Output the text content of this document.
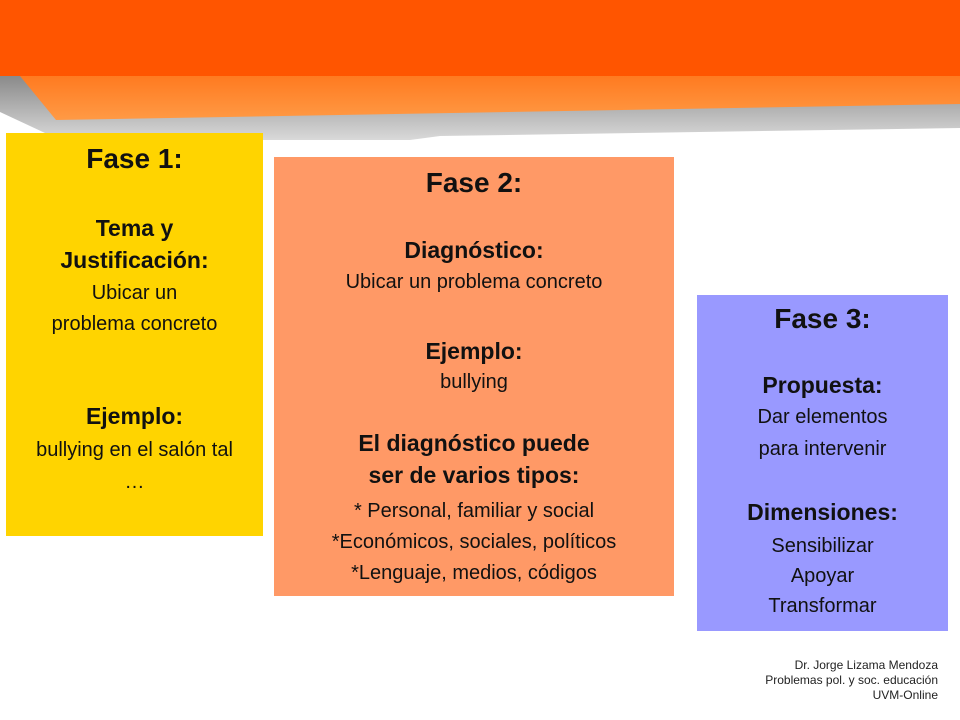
Fase 1:
Tema y
Justificación:
Ubicar un
problema concreto
Ejemplo:
bullying en el salón tal
…
Fase 2:
Diagnóstico:
Ubicar un problema concreto
Ejemplo:
bullying
El diagnóstico puede
ser de varios tipos:
* Personal, familiar y social
*Económicos, sociales, políticos
*Lenguaje, medios, códigos
Fase 3:
Propuesta:
Dar elementos
para intervenir
Dimensiones:
Sensibilizar
Apoyar
Transformar
Dr. Jorge Lizama Mendoza
Problemas pol. y soc. educación
UVM-Online
